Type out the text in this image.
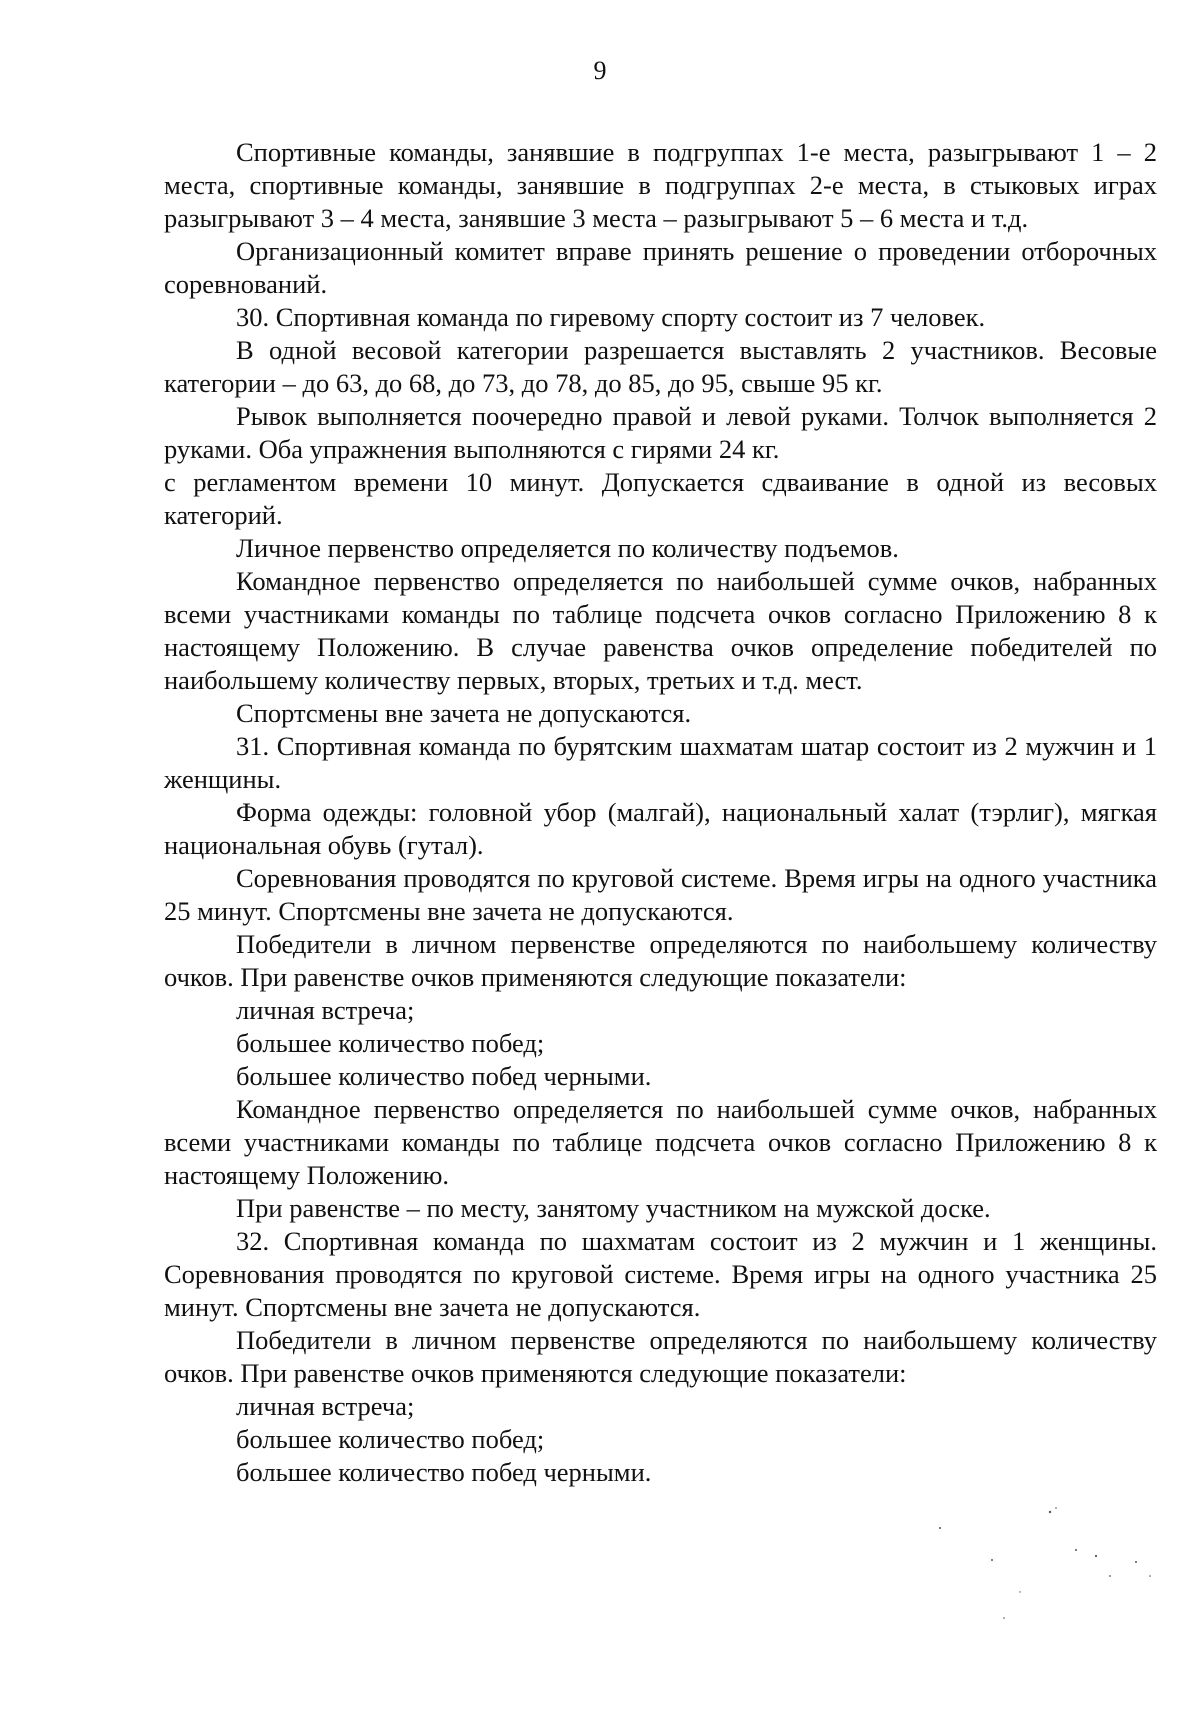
9

Спортивные команды, занявшие в подгруппах 1-е места, разыгрывают 1 – 2 места, спортивные команды, занявшие в подгруппах 2-е места, в стыковых играх разыгрывают 3 – 4 места, занявшие 3 места – разыгрывают 5 – 6 места и т.д.

Организационный комитет вправе принять решение о проведении отборочных соревнований.

30. Спортивная команда по гиревому спорту состоит из 7 человек.

В одной весовой категории разрешается выставлять 2 участников. Весовые категории – до 63, до 68, до 73, до 78, до 85, до 95, свыше 95 кг.

Рывок выполняется поочередно правой и левой руками. Толчок выполняется 2 руками. Оба упражнения выполняются с гирями 24 кг.

с регламентом времени 10 минут. Допускается сдваивание в одной из весовых категорий.

Личное первенство определяется по количеству подъемов.

Командное первенство определяется по наибольшей сумме очков, набранных всеми участниками команды по таблице подсчета очков согласно Приложению 8 к настоящему Положению. В случае равенства очков определение победителей по наибольшему количеству первых, вторых, третьих и т.д. мест.

Спортсмены вне зачета не допускаются.

31. Спортивная команда по бурятским шахматам шатар состоит из 2 мужчин и 1 женщины.

Форма одежды: головной убор (малгай), национальный халат (тэрлиг), мягкая национальная обувь (гутал).

Соревнования проводятся по круговой системе. Время игры на одного участника 25 минут. Спортсмены вне зачета не допускаются.

Победители в личном первенстве определяются по наибольшему количеству очков. При равенстве очков применяются следующие показатели:

личная встреча;

большее количество побед;

большее количество побед черными.

Командное первенство определяется по наибольшей сумме очков, набранных всеми участниками команды по таблице подсчета очков согласно Приложению 8 к настоящему Положению.

При равенстве – по месту, занятому участником на мужской доске.

32. Спортивная команда по шахматам состоит из 2 мужчин и 1 женщины. Соревнования проводятся по круговой системе. Время игры на одного участника 25 минут. Спортсмены вне зачета не допускаются.

Победители в личном первенстве определяются по наибольшему количеству очков. При равенстве очков применяются следующие показатели:

личная встреча;

большее количество побед;

большее количество побед черными.
